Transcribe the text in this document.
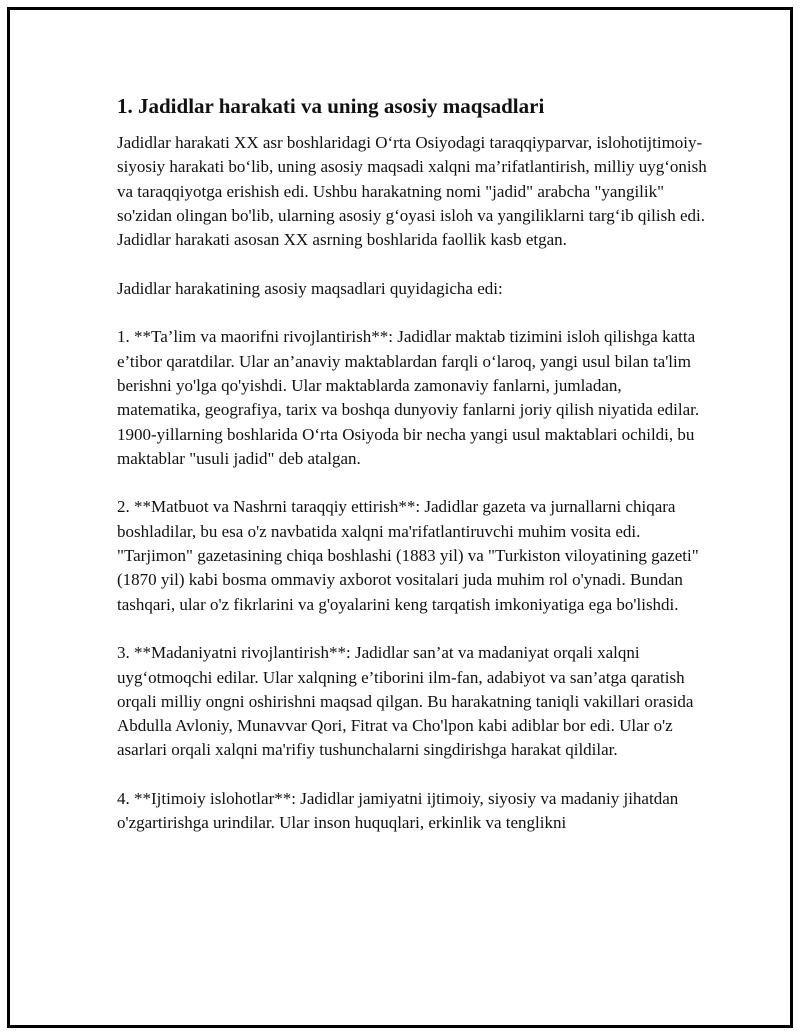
1. Jadidlar harakati va uning asosiy maqsadlari

Jadidlar harakati XX asr boshlaridagi O‘rta Osiyodagi taraqqiyparvar, islohotijtimoiy-siyosiy harakati bo‘lib, uning asosiy maqsadi xalqni ma’rifatlantirish, milliy uyg‘onish va taraqqiyotga erishish edi. Ushbu harakatning nomi "jadid" arabcha "yangilik" so'zidan olingan bo'lib, ularning asosiy g‘oyasi isloh va yangiliklarni targ‘ib qilish edi. Jadidlar harakati asosan XX asrning boshlarida faollik kasb etgan.

Jadidlar harakatining asosiy maqsadlari quyidagicha edi:

1. **Ta’lim va maorifni rivojlantirish**: Jadidlar maktab tizimini isloh qilishga katta e’tibor qaratdilar. Ular an’anaviy maktablardan farqli o‘laroq, yangi usul bilan ta'lim berishni yo'lga qo'yishdi. Ular maktablarda zamonaviy fanlarni, jumladan, matematika, geografiya, tarix va boshqa dunyoviy fanlarni joriy qilish niyatida edilar. 1900-yillarning boshlarida O‘rta Osiyoda bir necha yangi usul maktablari ochildi, bu maktablar "usuli jadid" deb atalgan.

2. **Matbuot va Nashrni taraqqiy ettirish**: Jadidlar gazeta va jurnallarni chiqara boshladilar, bu esa o'z navbatida xalqni ma'rifatlantiruvchi muhim vosita edi. "Tarjimon" gazetasining chiqa boshlashi (1883 yil) va "Turkiston viloyatining gazeti" (1870 yil) kabi bosma ommaviy axborot vositalari juda muhim rol o'ynadi. Bundan tashqari, ular o'z fikrlarini va g'oyalarini keng tarqatish imkoniyatiga ega bo'lishdi.

3. **Madaniyatni rivojlantirish**: Jadidlar san’at va madaniyat orqali xalqni uyg‘otmoqchi edilar. Ular xalqning e’tiborini ilm-fan, adabiyot va san’atga qaratish orqali milliy ongni oshirishni maqsad qilgan. Bu harakatning taniqli vakillari orasida Abdulla Avloniy, Munavvar Qori, Fitrat va Cho'lpon kabi adiblar bor edi. Ular o'z asarlari orqali xalqni ma'rifiy tushunchalarni singdirishga harakat qildilar.

4. **Ijtimoiy islohotlar**: Jadidlar jamiyatni ijtimoiy, siyosiy va madaniy jihatdan o'zgartirishga urindilar. Ular inson huquqlari, erkinlik va tenglikni
